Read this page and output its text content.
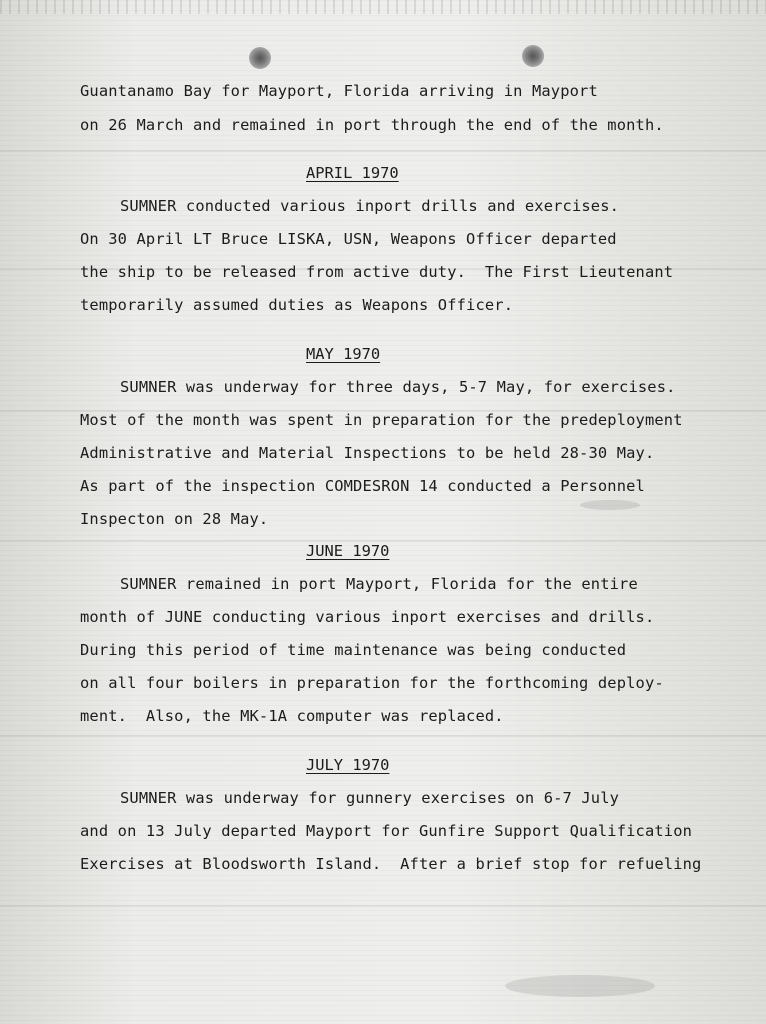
Guantanamo Bay for Mayport, Florida arriving in Mayport
on 26 March and remained in port through the end of the month.
APRIL 1970
SUMNER conducted various inport drills and exercises.
On 30 April LT Bruce LISKA, USN, Weapons Officer departed
the ship to be released from active duty.  The First Lieutenant
temporarily assumed duties as Weapons Officer.
MAY 1970
SUMNER was underway for three days, 5-7 May, for exercises.
Most of the month was spent in preparation for the predeployment
Administrative and Material Inspections to be held 28-30 May.
As part of the inspection COMDESRON 14 conducted a Personnel
Inspecton on 28 May.
JUNE 1970
SUMNER remained in port Mayport, Florida for the entire
month of JUNE conducting various inport exercises and drills.
During this period of time maintenance was being conducted
on all four boilers in preparation for the forthcoming deploy-
ment.  Also, the MK-1A computer was replaced.
JULY 1970
SUMNER was underway for gunnery exercises on 6-7 July
and on 13 July departed Mayport for Gunfire Support Qualification
Exercises at Bloodsworth Island.  After a brief stop for refueling
